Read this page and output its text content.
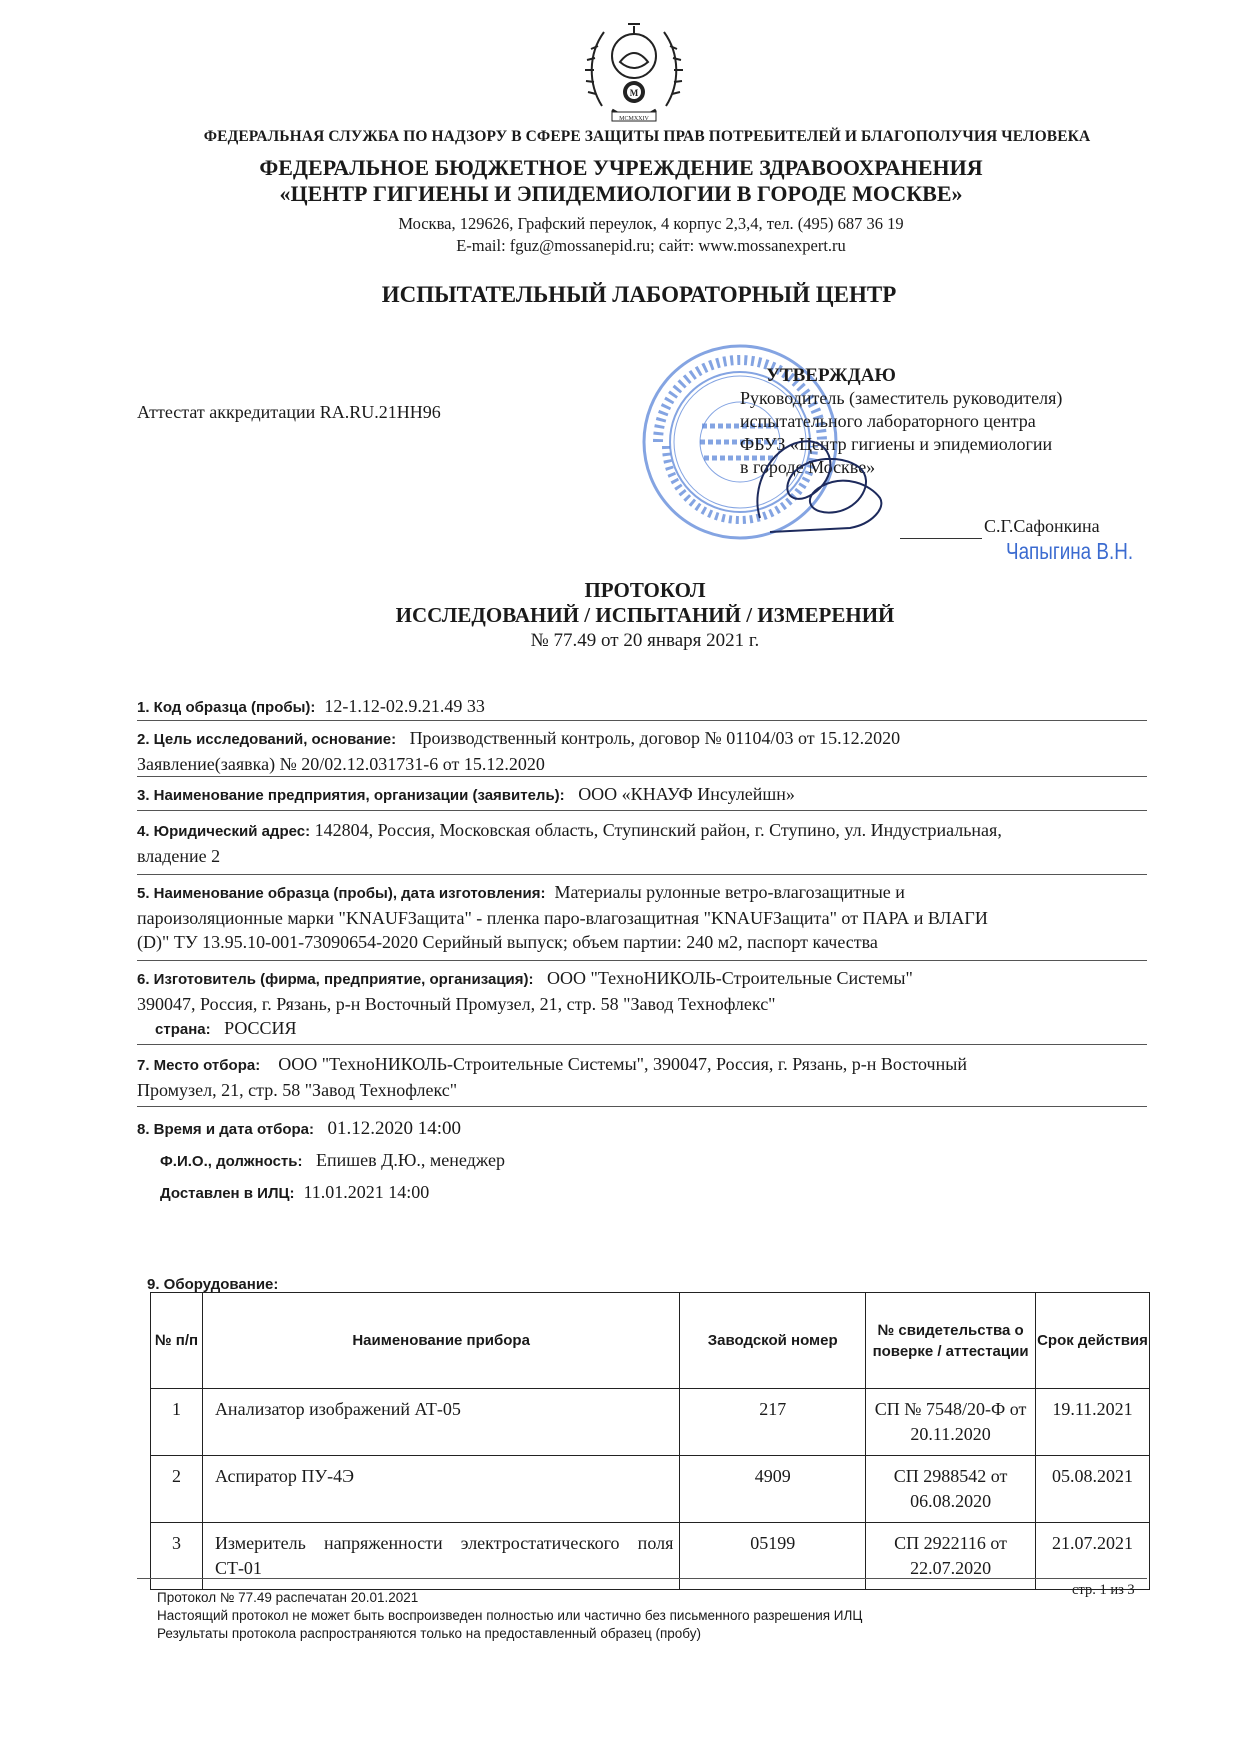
M
MCMXXIV
ФЕДЕРАЛЬНАЯ СЛУЖБА ПО НАДЗОРУ В СФЕРЕ ЗАЩИТЫ ПРАВ ПОТРЕБИТЕЛЕЙ И БЛАГОПОЛУЧИЯ ЧЕЛОВЕКА
ФЕДЕРАЛЬНОЕ БЮДЖЕТНОЕ УЧРЕЖДЕНИЕ ЗДРАВООХРАНЕНИЯ
«ЦЕНТР ГИГИЕНЫ И ЭПИДЕМИОЛОГИИ В ГОРОДЕ МОСКВЕ»
Москва, 129626, Графский переулок, 4 корпус 2,3,4, тел. (495) 687 36 19
E-mail: fguz@mossanepid.ru; сайт: www.mossanexpert.ru
ИСПЫТАТЕЛЬНЫЙ ЛАБОРАТОРНЫЙ ЦЕНТР
Аттестат аккредитации RA.RU.21HH96
УТВЕРЖДАЮ
Руководитель (заместитель руководителя)
испытательного лабораторного центра
ФБУЗ «Центр гигиены и эпидемиологии
в городе Москве»
С.Г.Сафонкина
Чапыгина В.Н.
ПРОТОКОЛ
ИССЛЕДОВАНИЙ / ИСПЫТАНИЙ / ИЗМЕРЕНИЙ
№ 77.49 от 20 января 2021 г.
1. Код образца (пробы): 12-1.12-02.9.21.49 33
2. Цель исследований, основание: Производственный контроль, договор № 01104/03 от 15.12.2020
Заявление(заявка) № 20/02.12.031731-6 от 15.12.2020
3. Наименование предприятия, организации (заявитель): ООО «КНАУФ Инсулейшн»
4. Юридический адрес: 142804, Россия, Московская область, Ступинский район, г. Ступино, ул. Индустриальная,
владение 2
5. Наименование образца (пробы), дата изготовления: Материалы рулонные ветро-влагозащитные и
пароизоляционные марки "KNAUFЗащита" - пленка паро-влагозащитная "KNAUFЗащита" от ПАРА и ВЛАГИ
(D)" ТУ 13.95.10-001-73090654-2020 Серийный выпуск; объем партии: 240 м2, паспорт качества
6. Изготовитель (фирма, предприятие, организация): ООО "ТехноНИКОЛЬ-Строительные Системы"
390047, Россия, г. Рязань, р-н Восточный Промузел, 21, стр. 58 "Завод Технофлекс"
страна: РОССИЯ
7. Место отбора: ООО "ТехноНИКОЛЬ-Строительные Системы", 390047, Россия, г. Рязань, р-н Восточный
Промузел, 21, стр. 58 "Завод Технофлекс"
8. Время и дата отбора: 01.12.2020 14:00
Ф.И.О., должность: Епишев Д.Ю., менеджер
Доставлен в ИЛЦ: 11.01.2021 14:00
9. Оборудование:
№ п/п	Наименование прибора	Заводской номер	№ свидетельства о поверке / аттестации	Срок действия
1	Анализатор изображений АТ-05	217	СП № 7548/20-Ф от 20.11.2020	19.11.2021
2	Аспиратор ПУ-4Э	4909	СП 2988542 от 06.08.2020	05.08.2021
3	Измеритель напряженности электростатического поля СТ-01	05199	СП 2922116 от 22.07.2020	21.07.2021
Протокол № 77.49 распечатан 20.01.2021
Настоящий протокол не может быть воспроизведен полностью или частично без письменного разрешения ИЛЦ
Результаты протокола распространяются только на предоставленный образец (пробу)
стр. 1 из 3
